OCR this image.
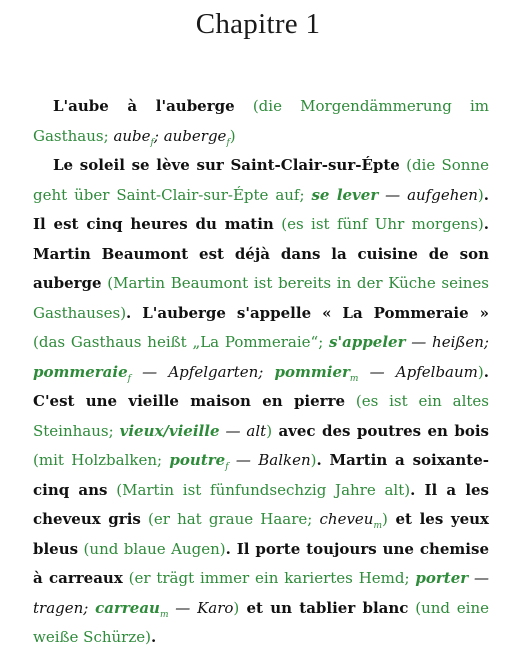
Chapitre 1

L'aube à l'auberge (die Morgendämmerung im Gasthaus; aube$_f$; auberge$_f$)

Le soleil se lève sur Saint-Clair-sur-Épte (die Sonne geht über Saint-Clair-sur-Épte auf; se lever — aufgehen). Il est cinq heures du matin (es ist fünf Uhr morgens). Martin Beaumont est déjà dans la cuisine de son auberge (Martin Beaumont ist bereits in der Küche seines Gasthauses). L'auberge s'appelle « La Pommeraie » (das Gasthaus heißt „La Pommeraie“; s'appeler — heißen; pommeraie$_f$ — Apfelgarten; pommier$_m$ — Apfelbaum). C'est une vieille maison en pierre (es ist ein altes Steinhaus; vieux/vieille — alt) avec des poutres en bois (mit Holzbalken; poutre$_f$ — Balken). Martin a soixante-cinq ans (Martin ist fünfundsechzig Jahre alt). Il a les cheveux gris (er hat graue Haare; cheveu$_m$) et les yeux bleus (und blaue Augen). Il porte toujours une chemise à carreaux (er trägt immer ein kariertes Hemd; porter — tragen; carreau$_m$ — Karo) et un tablier blanc (und eine weiße Schürze).
